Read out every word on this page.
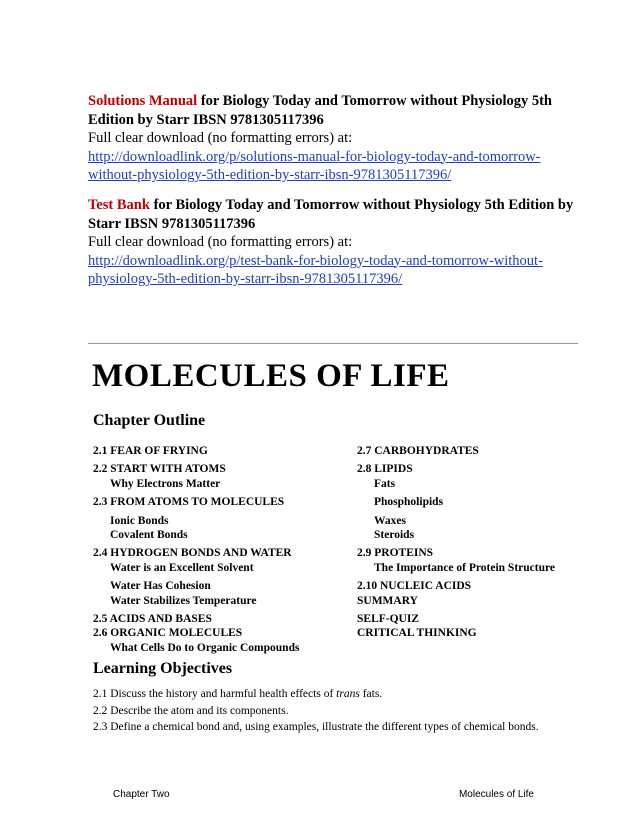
Solutions Manual for Biology Today and Tomorrow without Physiology 5th Edition by Starr IBSN 9781305117396
Full clear download (no formatting errors) at:
http://downloadlink.org/p/solutions-manual-for-biology-today-and-tomorrow-without-physiology-5th-edition-by-starr-ibsn-9781305117396/
Test Bank for Biology Today and Tomorrow without Physiology 5th Edition by Starr IBSN 9781305117396
Full clear download (no formatting errors) at:
http://downloadlink.org/p/test-bank-for-biology-today-and-tomorrow-without-physiology-5th-edition-by-starr-ibsn-9781305117396/
MOLECULES OF LIFE
Chapter Outline
2.1 FEAR OF FRYING
2.2 START WITH ATOMS
Why Electrons Matter
2.3 FROM ATOMS TO MOLECULES
Ionic Bonds
Covalent Bonds
2.4 HYDROGEN BONDS AND WATER
Water is an Excellent Solvent
Water Has Cohesion
Water Stabilizes Temperature
2.5 ACIDS AND BASES
2.6 ORGANIC MOLECULES
What Cells Do to Organic Compounds
2.7 CARBOHYDRATES
2.8 LIPIDS
Fats
Phospholipids
Waxes
Steroids
2.9 PROTEINS
The Importance of Protein Structure
2.10 NUCLEIC ACIDS
SUMMARY
SELF-QUIZ
CRITICAL THINKING
Learning Objectives
2.1 Discuss the history and harmful health effects of trans fats.
2.2 Describe the atom and its components.
2.3 Define a chemical bond and, using examples, illustrate the different types of chemical bonds.
Chapter Two	Molecules of Life
